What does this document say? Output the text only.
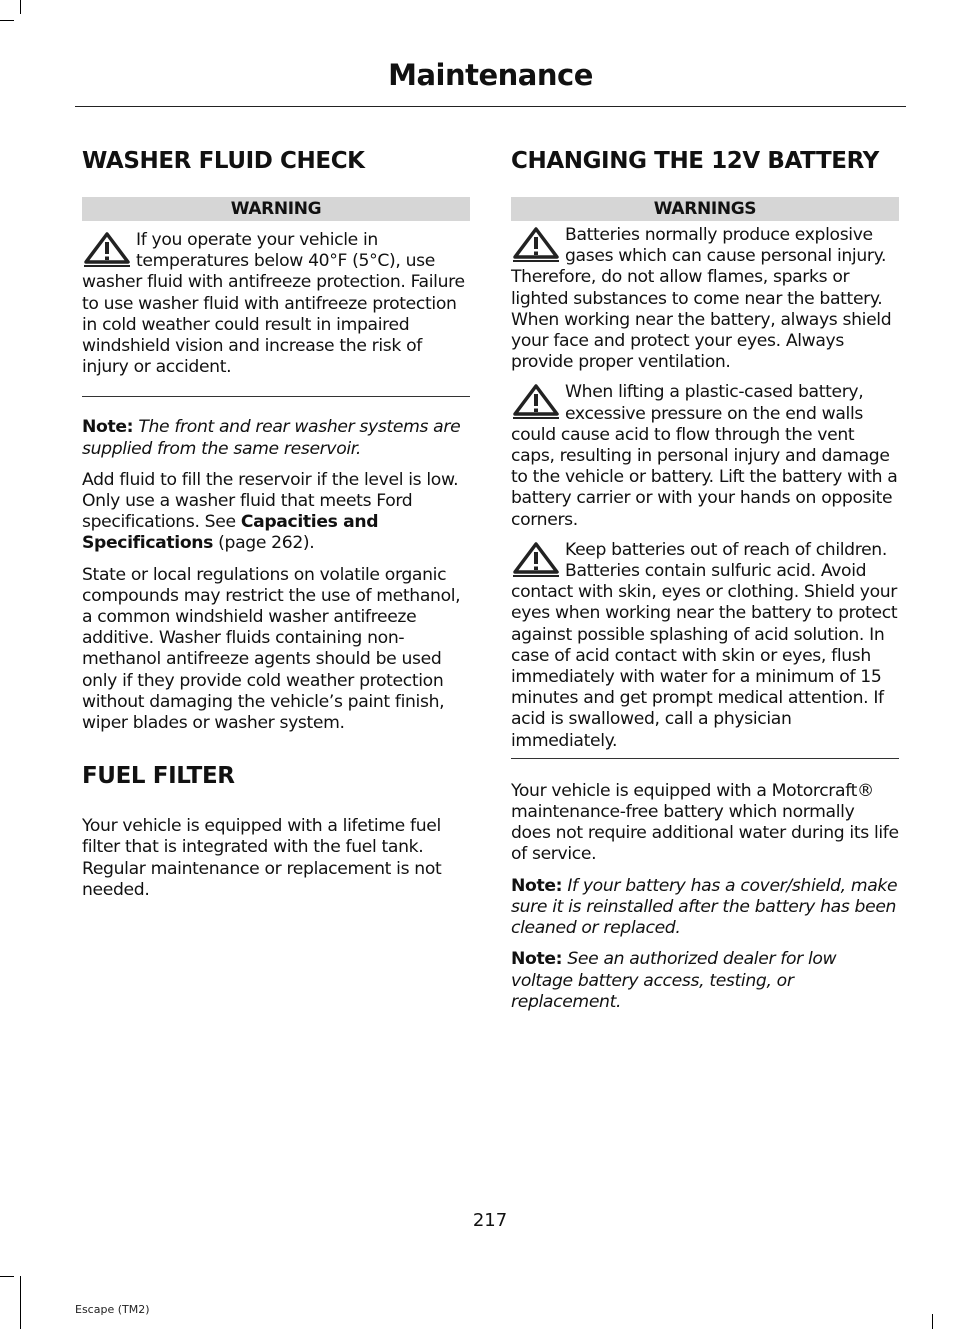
Maintenance
WASHER FLUID CHECK
WARNING

If you operate your vehicle in temperatures below 40°F (5°C), use washer fluid with antifreeze protection. Failure to use washer fluid with antifreeze protection in cold weather could result in impaired windshield vision and increase the risk of injury or accident.

Note: The front and rear washer systems are supplied from the same reservoir.

Add fluid to fill the reservoir if the level is low. Only use a washer fluid that meets Ford specifications. See Capacities and Specifications (page 262).

State or local regulations on volatile organic compounds may restrict the use of methanol, a common windshield washer antifreeze additive. Washer fluids containing non-methanol antifreeze agents should be used only if they provide cold weather protection without damaging the vehicle’s paint finish, wiper blades or washer system.

FUEL FILTER

Your vehicle is equipped with a lifetime fuel filter that is integrated with the fuel tank. Regular maintenance or replacement is not needed.

CHANGING THE 12V BATTERY
WARNINGS

Batteries normally produce explosive gases which can cause personal injury. Therefore, do not allow flames, sparks or lighted substances to come near the battery. When working near the battery, always shield your face and protect your eyes. Always provide proper ventilation.

When lifting a plastic-cased battery, excessive pressure on the end walls could cause acid to flow through the vent caps, resulting in personal injury and damage to the vehicle or battery. Lift the battery with a battery carrier or with your hands on opposite corners.

Keep batteries out of reach of children. Batteries contain sulfuric acid. Avoid contact with skin, eyes or clothing. Shield your eyes when working near the battery to protect against possible splashing of acid solution. In case of acid contact with skin or eyes, flush immediately with water for a minimum of 15 minutes and get prompt medical attention. If acid is swallowed, call a physician immediately.

Your vehicle is equipped with a Motorcraft® maintenance-free battery which normally does not require additional water during its life of service.

Note: If your battery has a cover/shield, make sure it is reinstalled after the battery has been cleaned or replaced.

Note: See an authorized dealer for low voltage battery access, testing, or replacement.

217
Escape (TM2)
